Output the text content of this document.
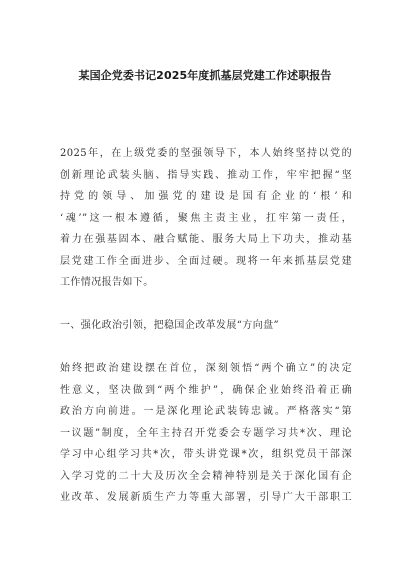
某国企党委书记2025年度抓基层党建工作述职报告
2025年，在上级党委的坚强领导下，本人始终坚持以党的
创新理论武装头脑、指导实践、推动工作，牢牢把握“坚
持党的领导、加强党的建设是国有企业的‘根’和
‘魂’”这一根本遵循，聚焦主责主业，扛牢第一责任，
着力在强基固本、融合赋能、服务大局上下功夫，推动基
层党建工作全面进步、全面过硬。现将一年来抓基层党建
工作情况报告如下。
一、强化政治引领，把稳国企改革发展“方向盘”
始终把政治建设摆在首位，深刻领悟“两个确立”的决定
性意义，坚决做到“两个维护”，确保企业始终沿着正确
政治方向前进。一是深化理论武装铸忠诚。严格落实“第
一议题”制度，全年主持召开党委会专题学习共*次、理论
学习中心组学习共*次，带头讲党课*次，组织党员干部深
入学习党的二十大及历次全会精神特别是关于深化国有企
业改革、发展新质生产力等重大部署，引导广大干部职工
